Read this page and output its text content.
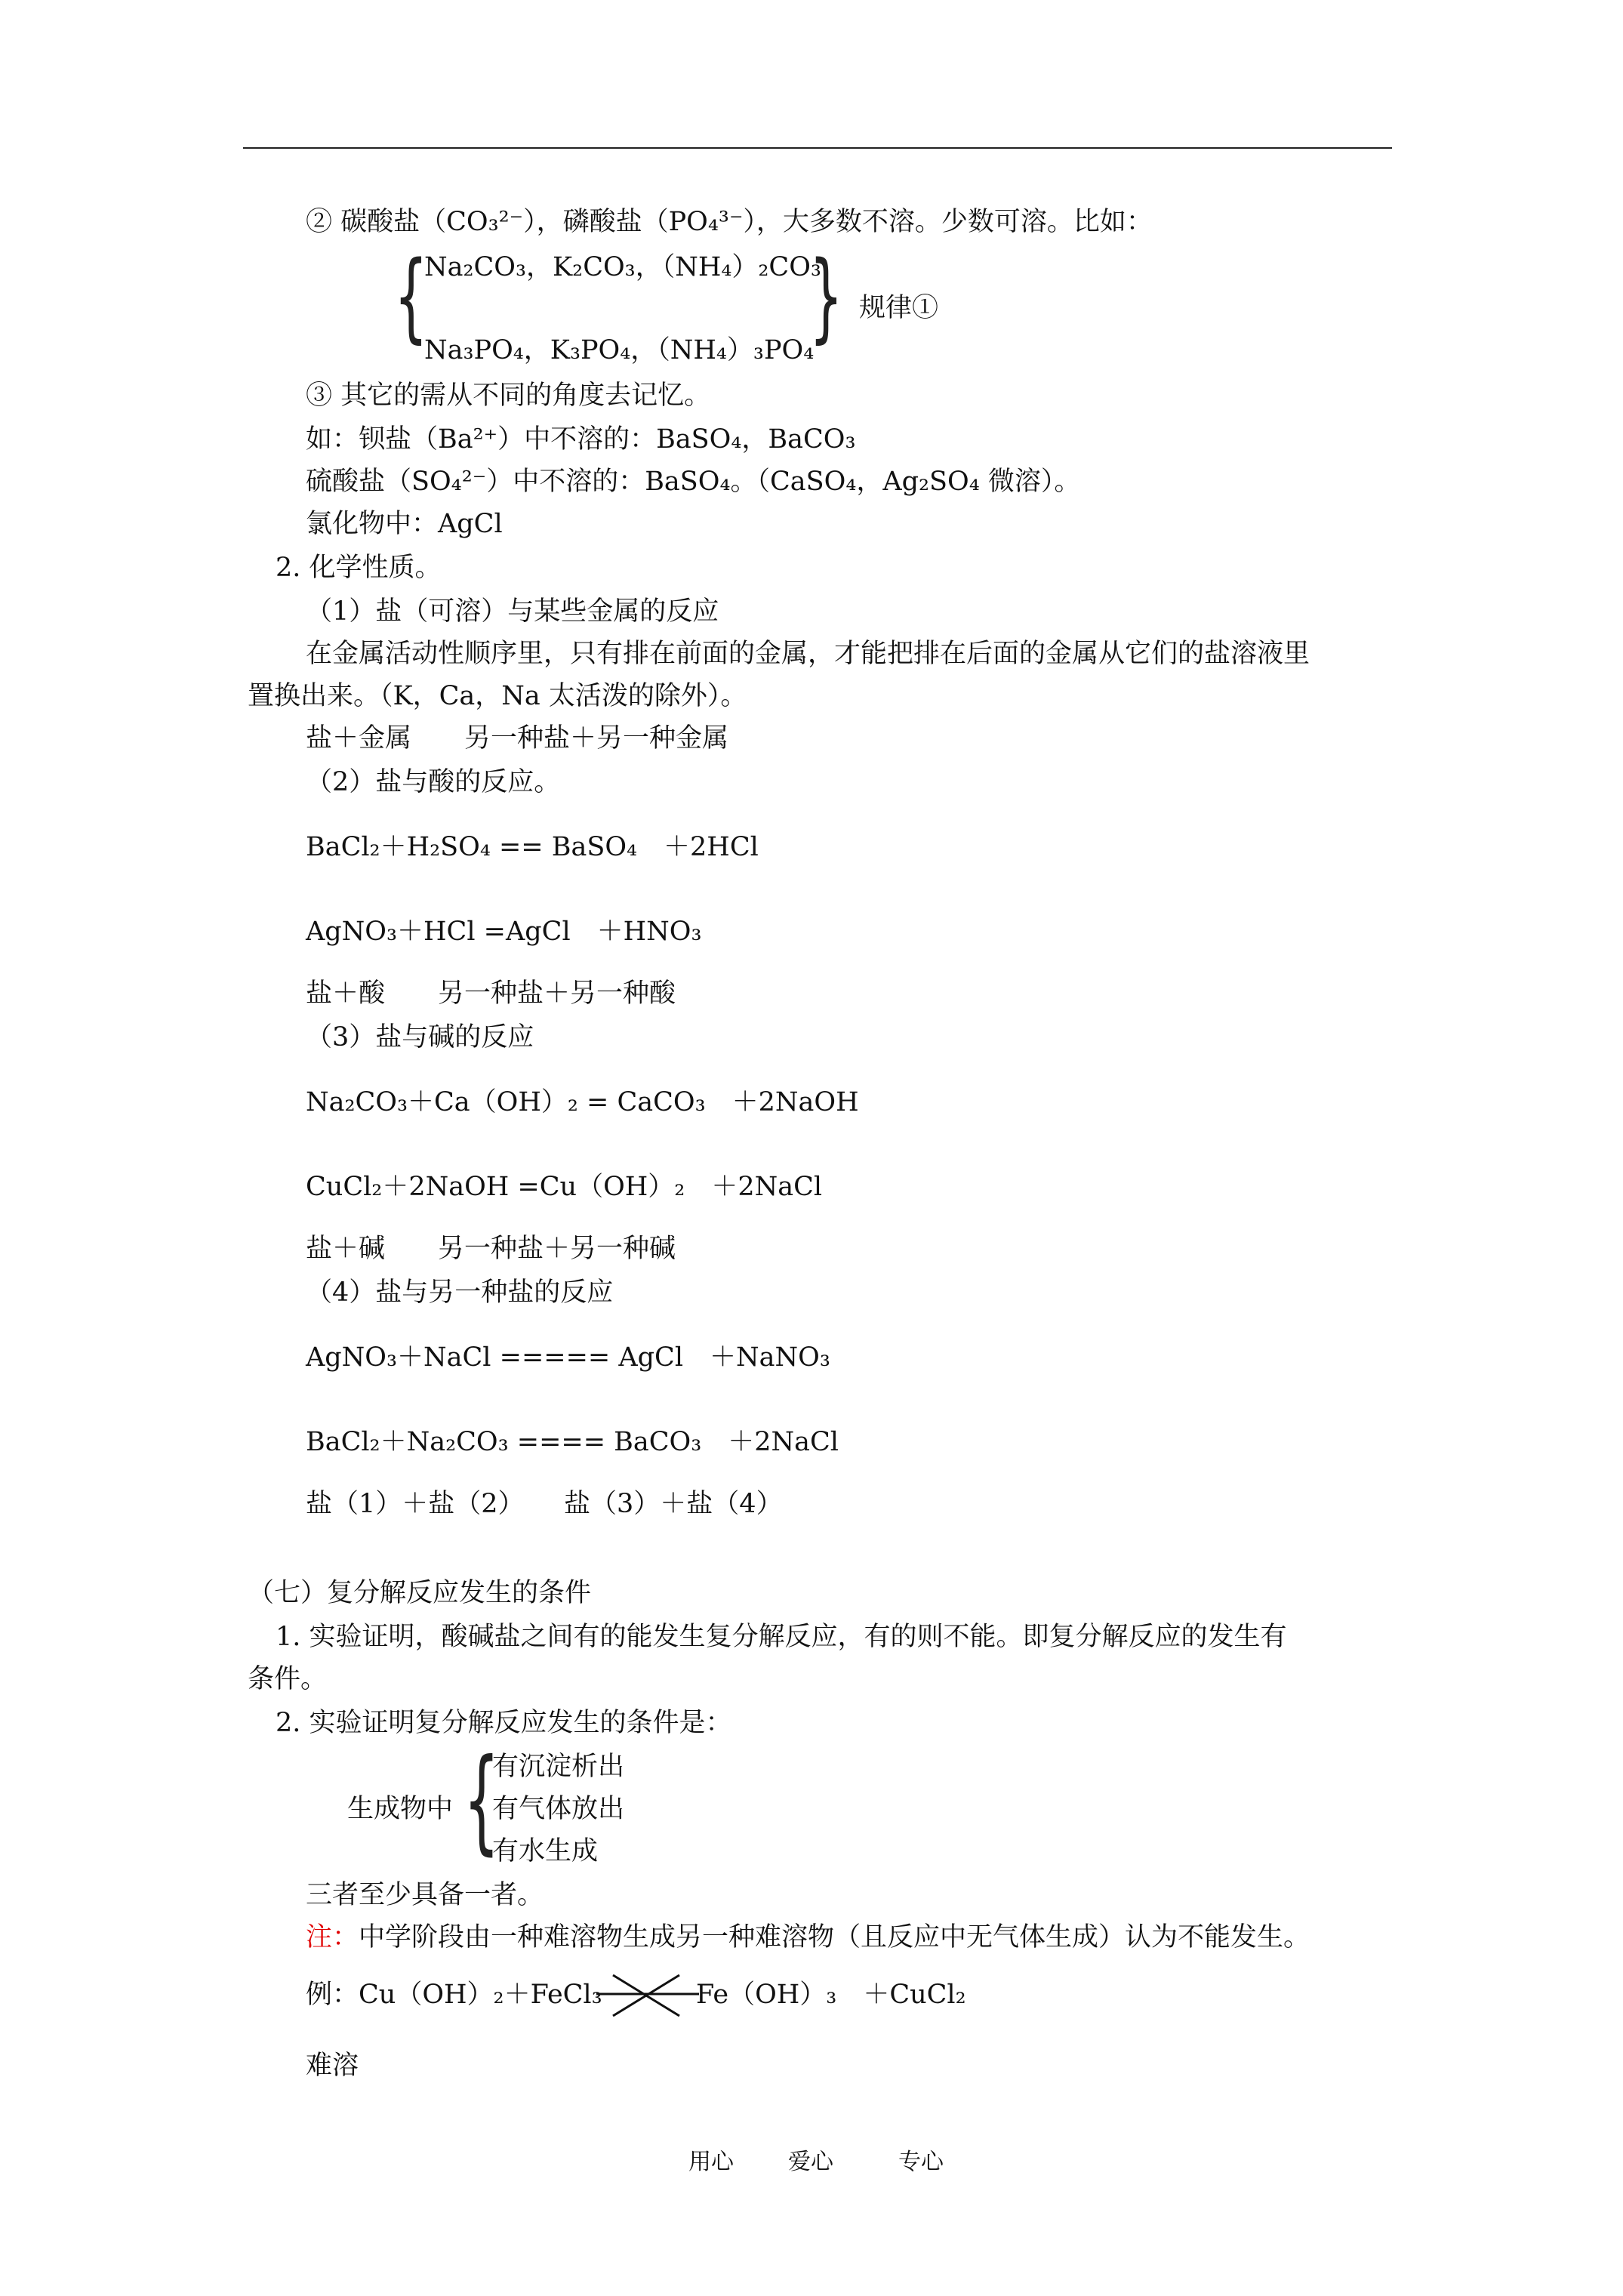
② 碳酸盐（CO₃²⁻），磷酸盐（PO₄³⁻），大多数不溶。少数可溶。比如：
{
Na₂CO₃，K₂CO₃，（NH₄）₂CO₃
Na₃PO₄，K₃PO₄，（NH₄）₃PO₄
} 规律①
③ 其它的需从不同的角度去记忆。
如：钡盐（Ba²⁺）中不溶的：BaSO₄，BaCO₃
硫酸盐（SO₄²⁻）中不溶的：BaSO₄。（CaSO₄，Ag₂SO₄ 微溶）。
氯化物中：AgCl
2. 化学性质。
（1）盐（可溶）与某些金属的反应
在金属活动性顺序里，只有排在前面的金属，才能把排在后面的金属从它们的盐溶液里
置换出来。（K，Ca，Na 太活泼的除外）。
盐＋金属　　另一种盐＋另一种金属
（2）盐与酸的反应。
BaCl₂＋H₂SO₄ == BaSO₄　＋2HCl
AgNO₃＋HCl =AgCl　＋HNO₃
盐＋酸　　另一种盐＋另一种酸
（3）盐与碱的反应
Na₂CO₃＋Ca（OH）₂ = CaCO₃　＋2NaOH
CuCl₂＋2NaOH =Cu（OH）₂　＋2NaCl
盐＋碱　　另一种盐＋另一种碱
（4）盐与另一种盐的反应
AgNO₃＋NaCl ===== AgCl　＋NaNO₃
BaCl₂＋Na₂CO₃ ==== BaCO₃　＋2NaCl
盐（1）＋盐（2）　　盐（3）＋盐（4）
（七）复分解反应发生的条件
1. 实验证明，酸碱盐之间有的能发生复分解反应，有的则不能。即复分解反应的发生有
条件。
2. 实验证明复分解反应发生的条件是：
生成物中 {
有沉淀析出
有气体放出
有水生成
三者至少具备一者。
注：中学阶段由一种难溶物生成另一种难溶物（且反应中无气体生成）认为不能发生。
例：Cu（OH）₂＋FeCl₃	Fe（OH）₃　＋CuCl₂
难溶
用心 爱心	专心
